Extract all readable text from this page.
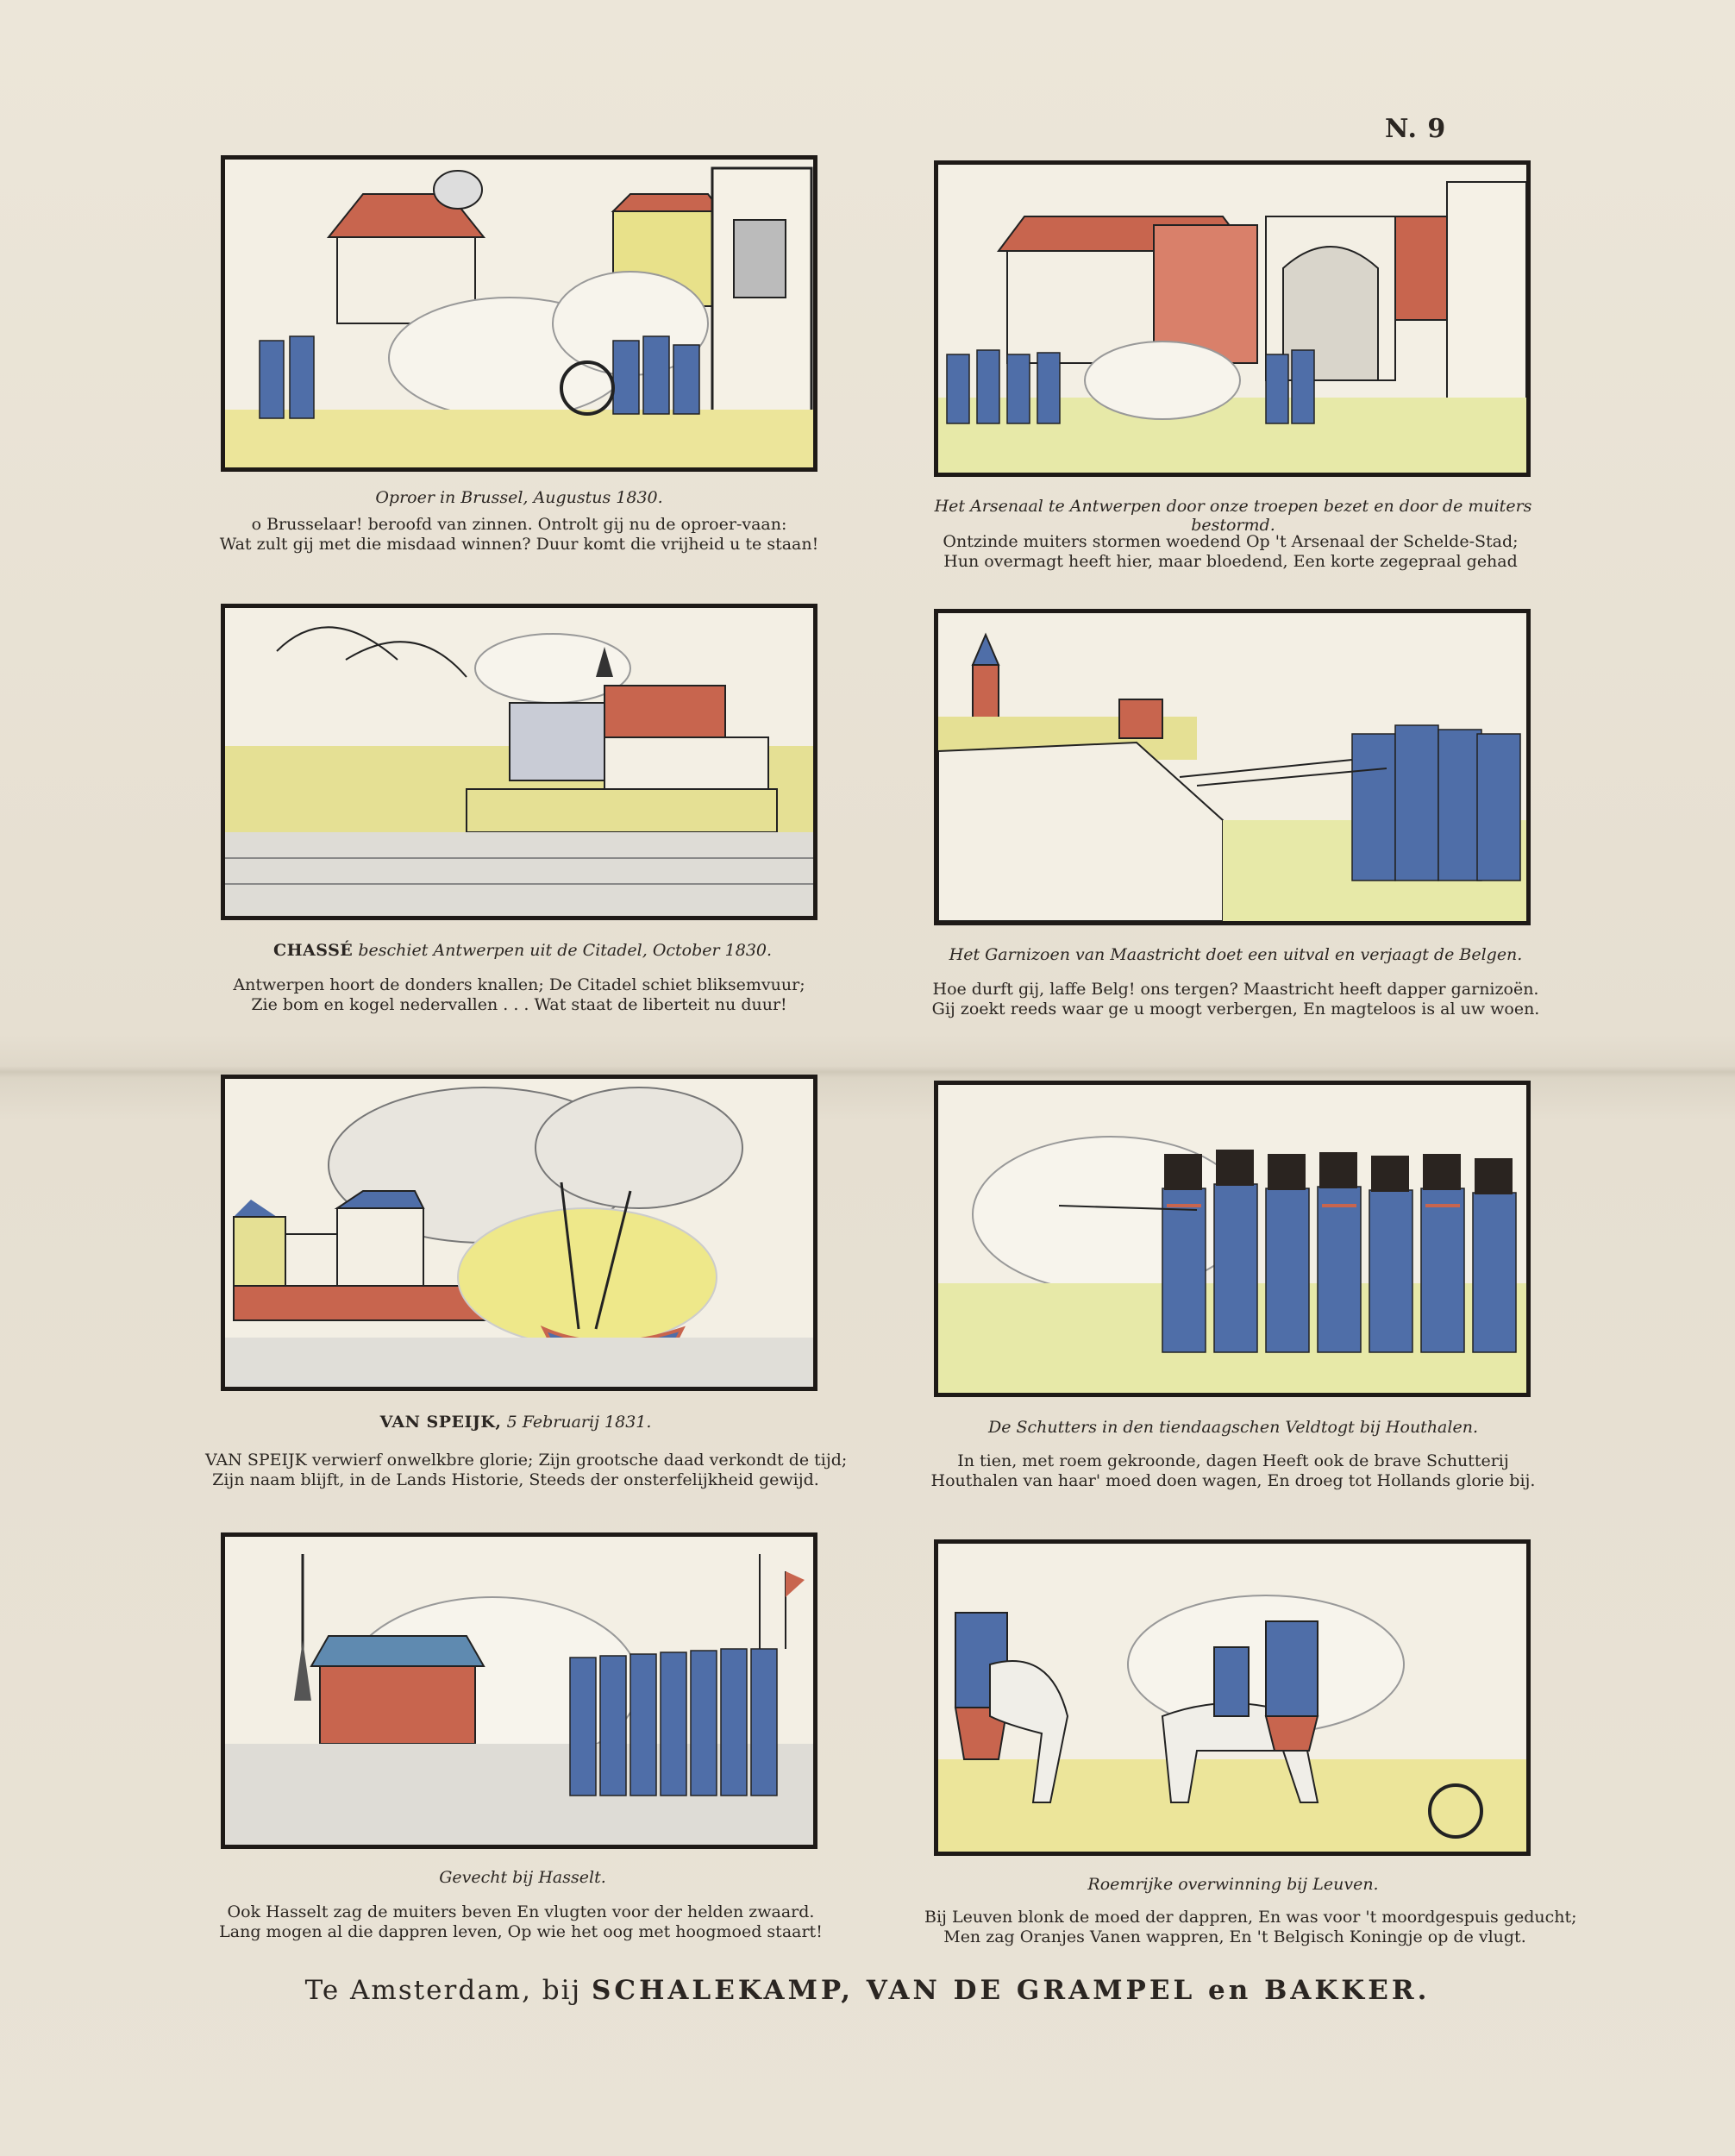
N. 9
Oproer in Brussel, Augustus 1830.
o Brusselaar! beroofd van zinnen. Ontrolt gij nu de oproer-vaan:
Wat zult gij met die misdaad winnen? Duur komt die vrijheid u te staan!
Het Arsenaal te Antwerpen door onze troepen bezet en door de muiters bestormd.
Ontzinde muiters stormen woedend Op 't Arsenaal der Schelde-Stad;
Hun overmagt heeft hier, maar bloedend, Een korte zegepraal gehad
CHASSÉ beschiet Antwerpen uit de Citadel, October 1830.
Antwerpen hoort de donders knallen; De Citadel schiet bliksemvuur;
Zie bom en kogel nedervallen . . . Wat staat de liberteit nu duur!
Het Garnizoen van Maastricht doet een uitval en verjaagt de Belgen.
Hoe durft gij, laffe Belg! ons tergen? Maastricht heeft dapper garnizoën.
Gij zoekt reeds waar ge u moogt verbergen, En magteloos is al uw woen.
VAN SPEIJK, 5 Februarij 1831.
VAN SPEIJK verwierf onwelkbre glorie; Zijn grootsche daad verkondt de tijd;
Zijn naam blijft, in de Lands Historie, Steeds der onsterfelijkheid gewijd.
De Schutters in den tiendaagschen Veldtogt bij Houthalen.
In tien, met roem gekroonde, dagen Heeft ook de brave Schutterij
Houthalen van haar' moed doen wagen, En droeg tot Hollands glorie bij.
Gevecht bij Hasselt.
Ook Hasselt zag de muiters beven En vlugten voor der helden zwaard.
Lang mogen al die dappren leven, Op wie het oog met hoogmoed staart!
Roemrijke overwinning bij Leuven.
Bij Leuven blonk de moed der dappren, En was voor 't moordgespuis geducht;
Men zag Oranjes Vanen wappren, En 't Belgisch Koningje op de vlugt.
Te Amsterdam, bij SCHALEKAMP, VAN DE GRAMPEL en BAKKER.
